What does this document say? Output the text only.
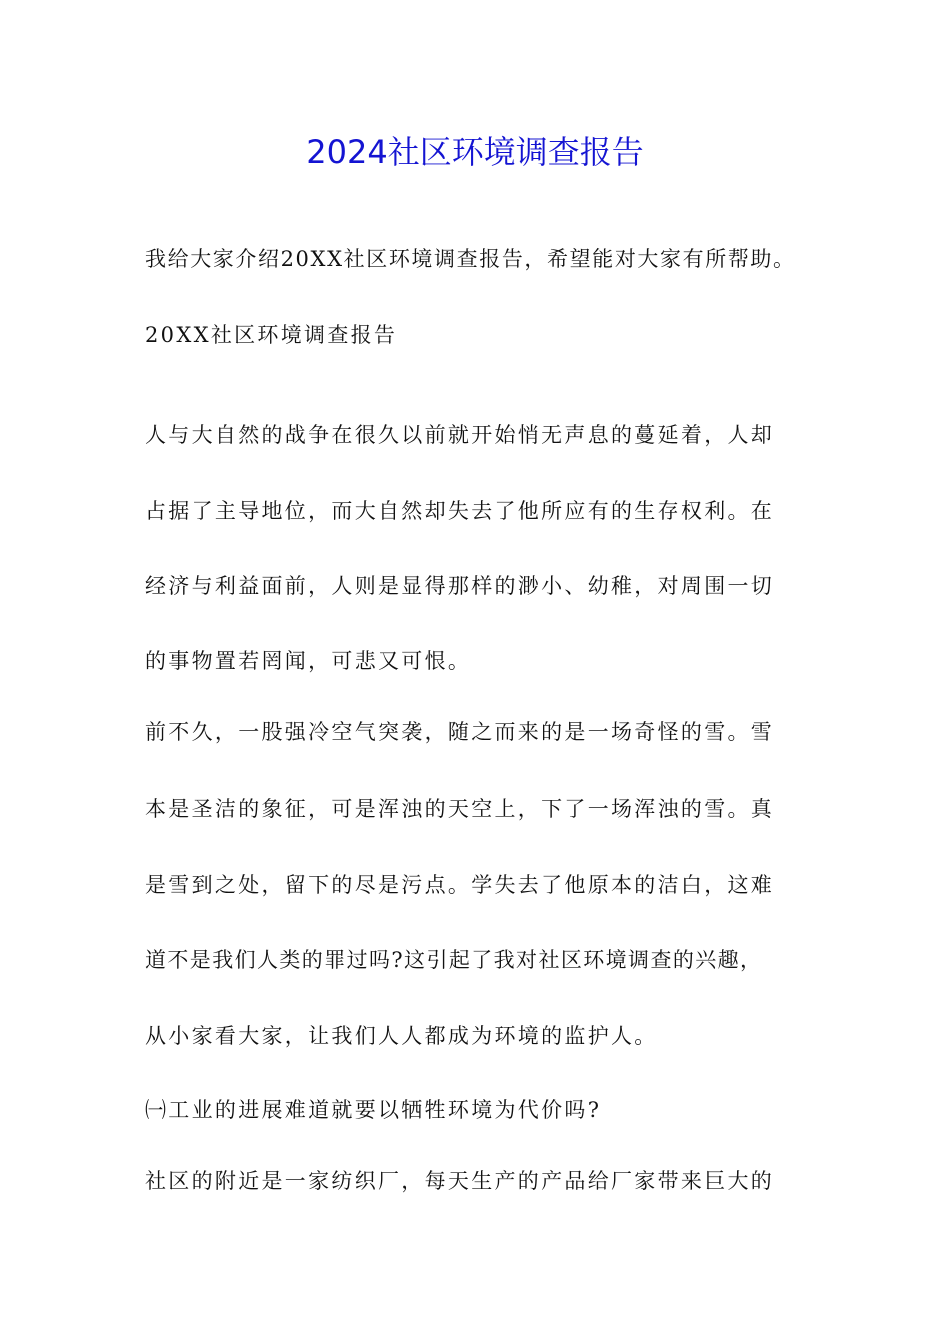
2024社区环境调查报告

我给大家介绍20XX社区环境调查报告，希望能对大家有所帮助。

20XX社区环境调查报告

人与大自然的战争在很久以前就开始悄无声息的蔓延着，人却

占据了主导地位，而大自然却失去了他所应有的生存权利。在

经济与利益面前，人则是显得那样的渺小、幼稚，对周围一切

的事物置若罔闻，可悲又可恨。

前不久，一股强冷空气突袭，随之而来的是一场奇怪的雪。雪

本是圣洁的象征，可是浑浊的天空上，下了一场浑浊的雪。真

是雪到之处，留下的尽是污点。学失去了他原本的洁白，这难

道不是我们人类的罪过吗?这引起了我对社区环境调查的兴趣，

从小家看大家，让我们人人都成为环境的监护人。

㈠工业的进展难道就要以牺牲环境为代价吗?

社区的附近是一家纺织厂，每天生产的产品给厂家带来巨大的
